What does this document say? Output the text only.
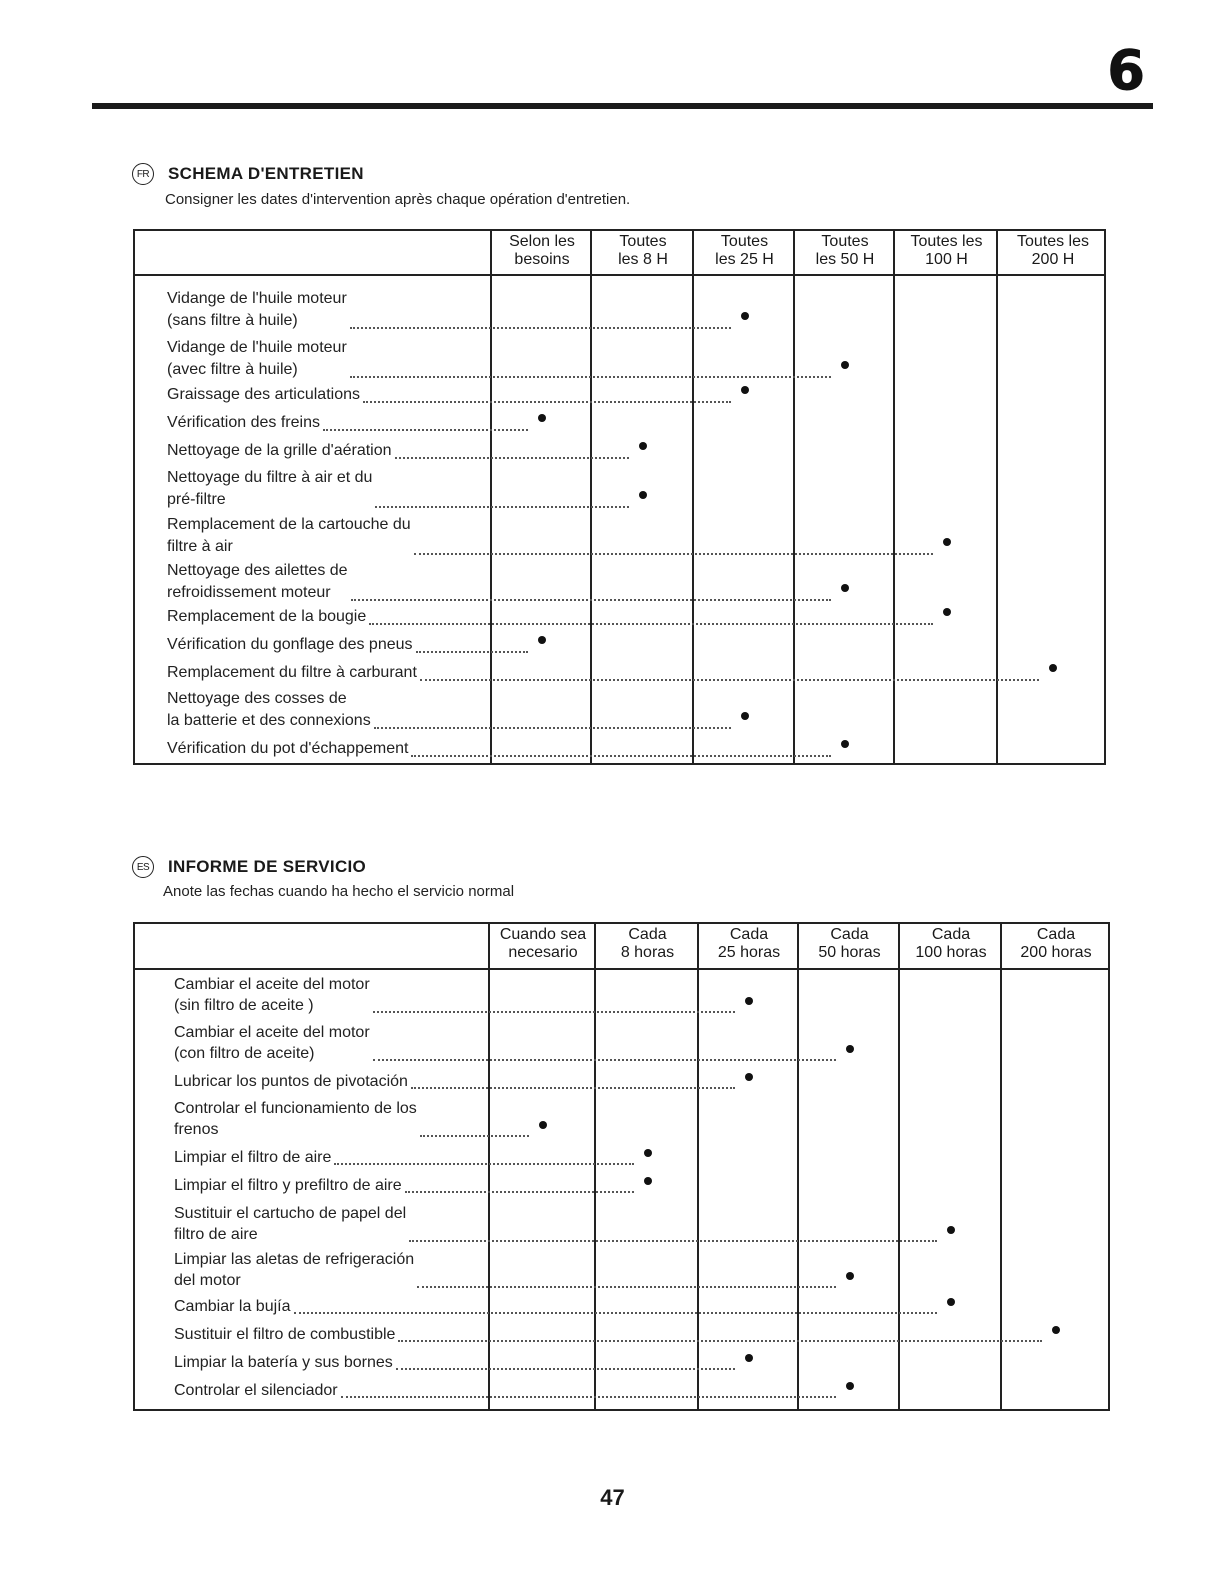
6
FR SCHEMA D'ENTRETIEN
Consigner les dates d'intervention après chaque opération d'entretien.
Selon les
besoins
Toutes
les 8 H
Toutes
les 25 H
Toutes
les 50 H
Toutes les
100 H
Toutes les
200 H
Vidange de l'huile moteur
(sans filtre à huile)
Vidange de l'huile moteur
(avec filtre à huile)
Graissage des articulations
Vérification des freins
Nettoyage de la grille d'aération
Nettoyage du filtre à air et du
pré-filtre
Remplacement de la cartouche du
filtre à air
Nettoyage des ailettes de
refroidissement moteur
Remplacement de la bougie
Vérification du gonflage des pneus
Remplacement du filtre à carburant
Nettoyage des cosses de
la batterie et des connexions
Vérification du pot d'échappement
ES INFORME DE SERVICIO
Anote las fechas cuando ha hecho el servicio normal
Cuando sea
necesario
Cada
8 horas
Cada
25 horas
Cada
50 horas
Cada
100 horas
Cada
200 horas
Cambiar el aceite del motor
(sin filtro de aceite )
Cambiar el aceite del motor
(con filtro de aceite)
Lubricar los puntos de pivotación
Controlar el funcionamiento de los
frenos
Limpiar el filtro de aire
Limpiar el filtro y prefiltro de aire
Sustituir el cartucho de papel del
filtro de aire
Limpiar las aletas de refrigeración
del motor
Cambiar la bujía
Sustituir el filtro de combustible
Limpiar la batería y sus bornes
Controlar el silenciador
47
